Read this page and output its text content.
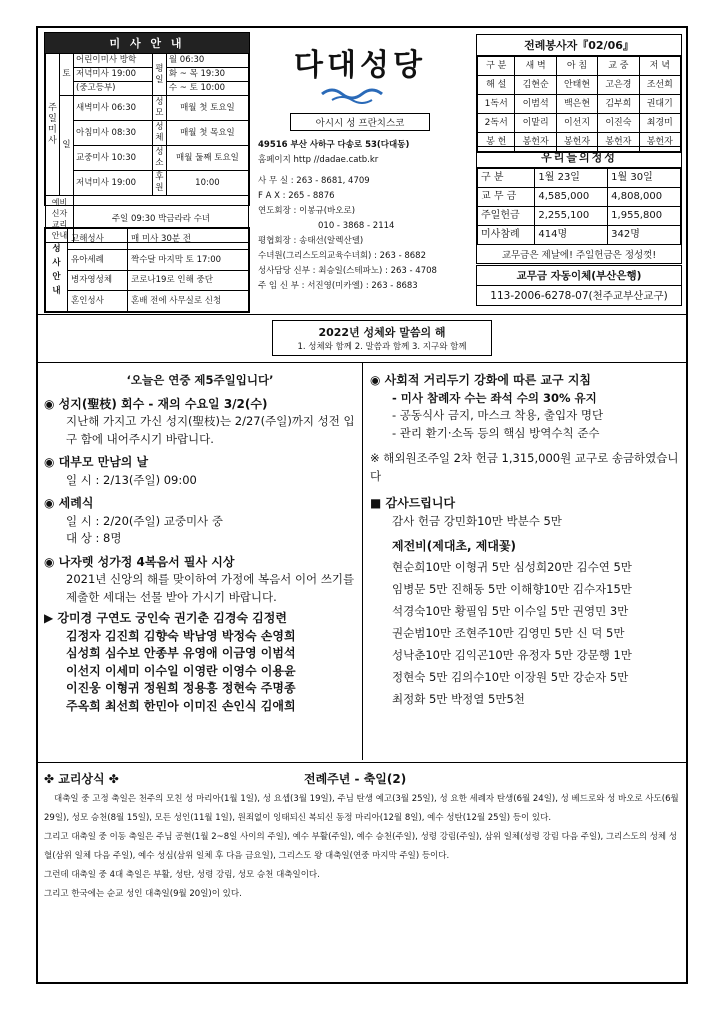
미 사 안 내
주일미사	토	어린이미사 방학	평일	월 06:30
		저녁미사 19:00		화 ~ 목 19:30
		(중고등부)		수 ~ 토 10:00
	일	새벽미사 06:30	성모	매월 첫 토요일
		아침미사 08:30	성체	매월 첫 목요일
		교중미사 10:30	성소	매월 둘째 토요일
		저녁미사 19:00	후원	10:00
예비신자교리안내		주일 09:30 박금라라 수녀		
성사안내	고해성사	매 미사 30분 전
	유아세례	짝수달 마지막 토 17:00
	병자영성체	코로나19로 인해 중단
	혼인성사	혼배 전에 사무실로 신청
다대성당
아시시 성 프란치스코
49516 부산 사하구 다송로 53(다대동)
홈페이지 http //dadae.catb.kr
사 무 실 : 263 - 8681, 4709
F A X : 265 - 8876
연도회장 : 이봉규(바오로)
010 - 3868 - 2114
평협회장 : 송태선(알렉산델)
수녀원(그리스도의교육수녀회) : 263 - 8682
성사담당 신부 : 최승일(스테파노) : 263 - 4708
주 임 신 부 : 서진영(미카엘) : 263 - 8683
전례봉사자『02/06』
구 분	새 벽	아 침	교 중	저 녁
해 설	김현순	안태현	고은경	조선희
1독서	이범석	백은현	김부희	권대기
2독서	이맡리	이선지	이진숙	최경미
봉 헌	봉헌자	봉헌자	봉헌자	봉헌자
우리들의정성
구 분	1월 23일	1월 30일
교 무 금	4,585,000	4,808,000
주일헌금	2,255,100	1,955,800
미사참례	414명	342명
교무금은 제날에! 주일헌금은 정성껏!
교무금 자동이체(부산은행)
113-2006-6278-07(천주교부산교구)
2022년 성체와 말씀의 해
1. 성체와 함께 2. 말씀과 함께 3. 지구와 함께
‘오늘은 연중 제5주일입니다’
◉ 성지(聖枝) 회수 - 재의 수요일 3/2(수)
지난해 가지고 가신 성지(聖枝)는 2/27(주일)까지 성전 입구 함에 내어주시기 바랍니다.
◉ 대부모 만남의 날
일 시 : 2/13(주일) 09:00
◉ 세례식
일 시 : 2/20(주일) 교중미사 중
대 상 : 8명
◉ 나자렛 성가정 4복음서 필사 시상
2021년 신앙의 해를 맞이하여 가정에 복음서 이어 쓰기를 제출한 세대는 선물 받아 가시기 바랍니다.
▶ 강미경 구연도 궁인숙 권기춘 김경숙 김정련
김정자 김진희 김향숙 박남영 박정숙 손영희
심성희 심수보 안종부 유영애 이금영 이범석
이선지 이세미 이수일 이영란 이영수 이용윤
이진웅 이형귀 정원희 정용흥 정현숙 주명종
주옥희 최선희 한민아 이미진 손인식 김애희
◉ 사회적 거리두기 강화에 따른 교구 지침
- 미사 참례자 수는 좌석 수의 30% 유지
- 공동식사 금지, 마스크 착용, 출입자 명단
- 관리 환기·소독 등의 핵심 방역수칙 준수
※ 해외원조주일 2차 헌금 1,315,000원 교구로 송금하였습니다
■ 감사드립니다
감사 헌금 강민화10만 박분수 5만
제전비(제대초, 제대꽃)
현순희10만 이형귀 5만 심성희20만 김수연 5만
임병문 5만 진해동 5만 이해향10만 김수자15만
석경숙10만 황필임 5만 이수일 5만 권영민 3만
권순범10만 조현주10만 김영민 5만 신 덕 5만
성낙춘10만 김익곤10만 유정자 5만 강문행 1만
정현숙 5만 김의수10만 이장원 5만 강순자 5만
최정화 5만 박정열 5만5천
✤ 교리상식 ✤	전례주년 - 축일(2)
대축일 중 고정 축일은 천주의 모친 성 마리아(1월 1일), 성 요셉(3월 19일), 주님 탄생 예고(3월 25일), 성 요한 세례자 탄생(6월 24일), 성 베드로와 성 바오로 사도(6월 29일), 성모 승천(8월 15일), 모든 성인(11월 1일), 원죄없이 잉태되신 복되신 동정 마리아(12월 8일), 예수 성탄(12월 25일) 등이 있다.
그리고 대축일 중 이동 축일은 주님 공현(1월 2~8일 사이의 주일), 예수 부활(주일), 예수 승천(주일), 성령 강림(주일), 삼위 일체(성령 강림 다음 주일), 그리스도의 성체 성혈(삼위 일체 다음 주일), 예수 성심(삼위 일체 후 다음 금요일), 그리스도 왕 대축일(연중 마지막 주일) 등이다.
그런데 대축일 중 4대 축일은 부활, 성탄, 성령 강림, 성모 승천 대축일이다.
그리고 한국에는 순교 성인 대축일(9월 20일)이 있다.
